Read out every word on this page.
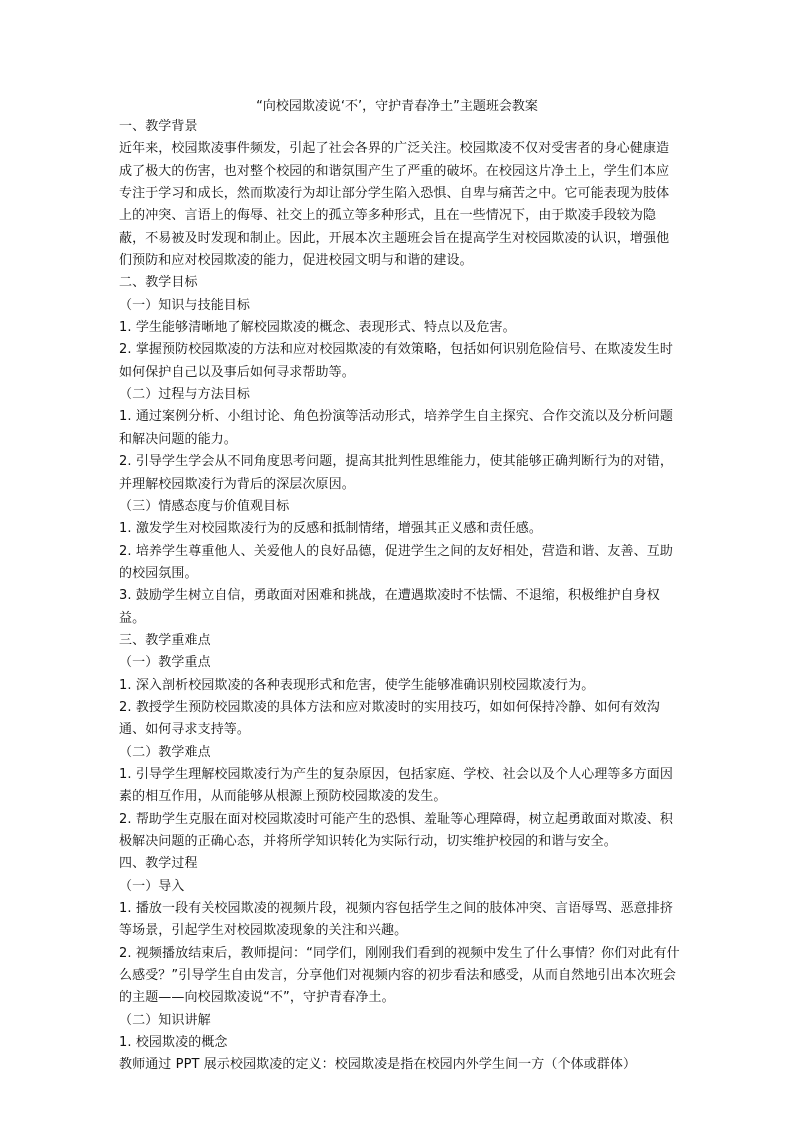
“向校园欺凌说‘不’，守护青春净土”主题班会教案

一、教学背景

近年来，校园欺凌事件频发，引起了社会各界的广泛关注。校园欺凌不仅对受害者的身心健康造成了极大的伤害，也对整个校园的和谐氛围产生了严重的破坏。在校园这片净土上，学生们本应专注于学习和成长，然而欺凌行为却让部分学生陷入恐惧、自卑与痛苦之中。它可能表现为肢体上的冲突、言语上的侮辱、社交上的孤立等多种形式，且在一些情况下，由于欺凌手段较为隐蔽，不易被及时发现和制止。因此，开展本次主题班会旨在提高学生对校园欺凌的认识，增强他们预防和应对校园欺凌的能力，促进校园文明与和谐的建设。

二、教学目标

（一）知识与技能目标

1. 学生能够清晰地了解校园欺凌的概念、表现形式、特点以及危害。

2. 掌握预防校园欺凌的方法和应对校园欺凌的有效策略，包括如何识别危险信号、在欺凌发生时如何保护自己以及事后如何寻求帮助等。

（二）过程与方法目标

1. 通过案例分析、小组讨论、角色扮演等活动形式，培养学生自主探究、合作交流以及分析问题和解决问题的能力。

2. 引导学生学会从不同角度思考问题，提高其批判性思维能力，使其能够正确判断行为的对错，并理解校园欺凌行为背后的深层次原因。

（三）情感态度与价值观目标

1. 激发学生对校园欺凌行为的反感和抵制情绪，增强其正义感和责任感。

2. 培养学生尊重他人、关爱他人的良好品德，促进学生之间的友好相处，营造和谐、友善、互助的校园氛围。

3. 鼓励学生树立自信，勇敢面对困难和挑战，在遭遇欺凌时不怯懦、不退缩，积极维护自身权益。

三、教学重难点

（一）教学重点

1. 深入剖析校园欺凌的各种表现形式和危害，使学生能够准确识别校园欺凌行为。

2. 教授学生预防校园欺凌的具体方法和应对欺凌时的实用技巧，如如何保持冷静、如何有效沟通、如何寻求支持等。

（二）教学难点

1. 引导学生理解校园欺凌行为产生的复杂原因，包括家庭、学校、社会以及个人心理等多方面因素的相互作用，从而能够从根源上预防校园欺凌的发生。

2. 帮助学生克服在面对校园欺凌时可能产生的恐惧、羞耻等心理障碍，树立起勇敢面对欺凌、积极解决问题的正确心态，并将所学知识转化为实际行动，切实维护校园的和谐与安全。

四、教学过程

（一）导入

1. 播放一段有关校园欺凌的视频片段，视频内容包括学生之间的肢体冲突、言语辱骂、恶意排挤等场景，引起学生对校园欺凌现象的关注和兴趣。

2. 视频播放结束后，教师提问：“同学们，刚刚我们看到的视频中发生了什么事情？你们对此有什么感受？”引导学生自由发言，分享他们对视频内容的初步看法和感受，从而自然地引出本次班会的主题——向校园欺凌说“不”，守护青春净土。

（二）知识讲解

1. 校园欺凌的概念

教师通过 PPT 展示校园欺凌的定义：校园欺凌是指在校园内外学生间一方（个体或群体）
